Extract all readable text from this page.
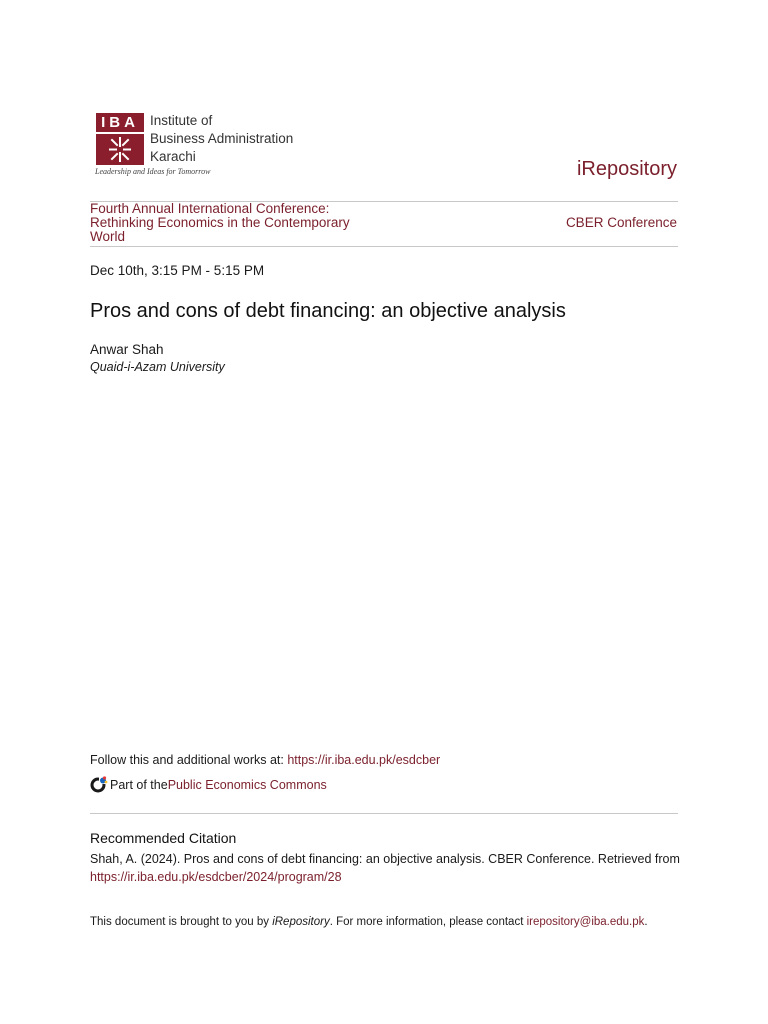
IBA Institute of
Business Administration
Karachi
Leadership and Ideas for Tomorrow	iRepository
Fourth Annual International Conference: Rethinking Economics in the Contemporary World
CBER Conference
Dec 10th, 3:15 PM - 5:15 PM
Pros and cons of debt financing: an objective analysis
Anwar Shah
Quaid-i-Azam University
Follow this and additional works at: https://ir.iba.edu.pk/esdcber
Part of the Public Economics Commons
Recommended Citation
Shah, A. (2024). Pros and cons of debt financing: an objective analysis. CBER Conference. Retrieved from
https://ir.iba.edu.pk/esdcber/2024/program/28
This document is brought to you by iRepository. For more information, please contact irepository@iba.edu.pk.
